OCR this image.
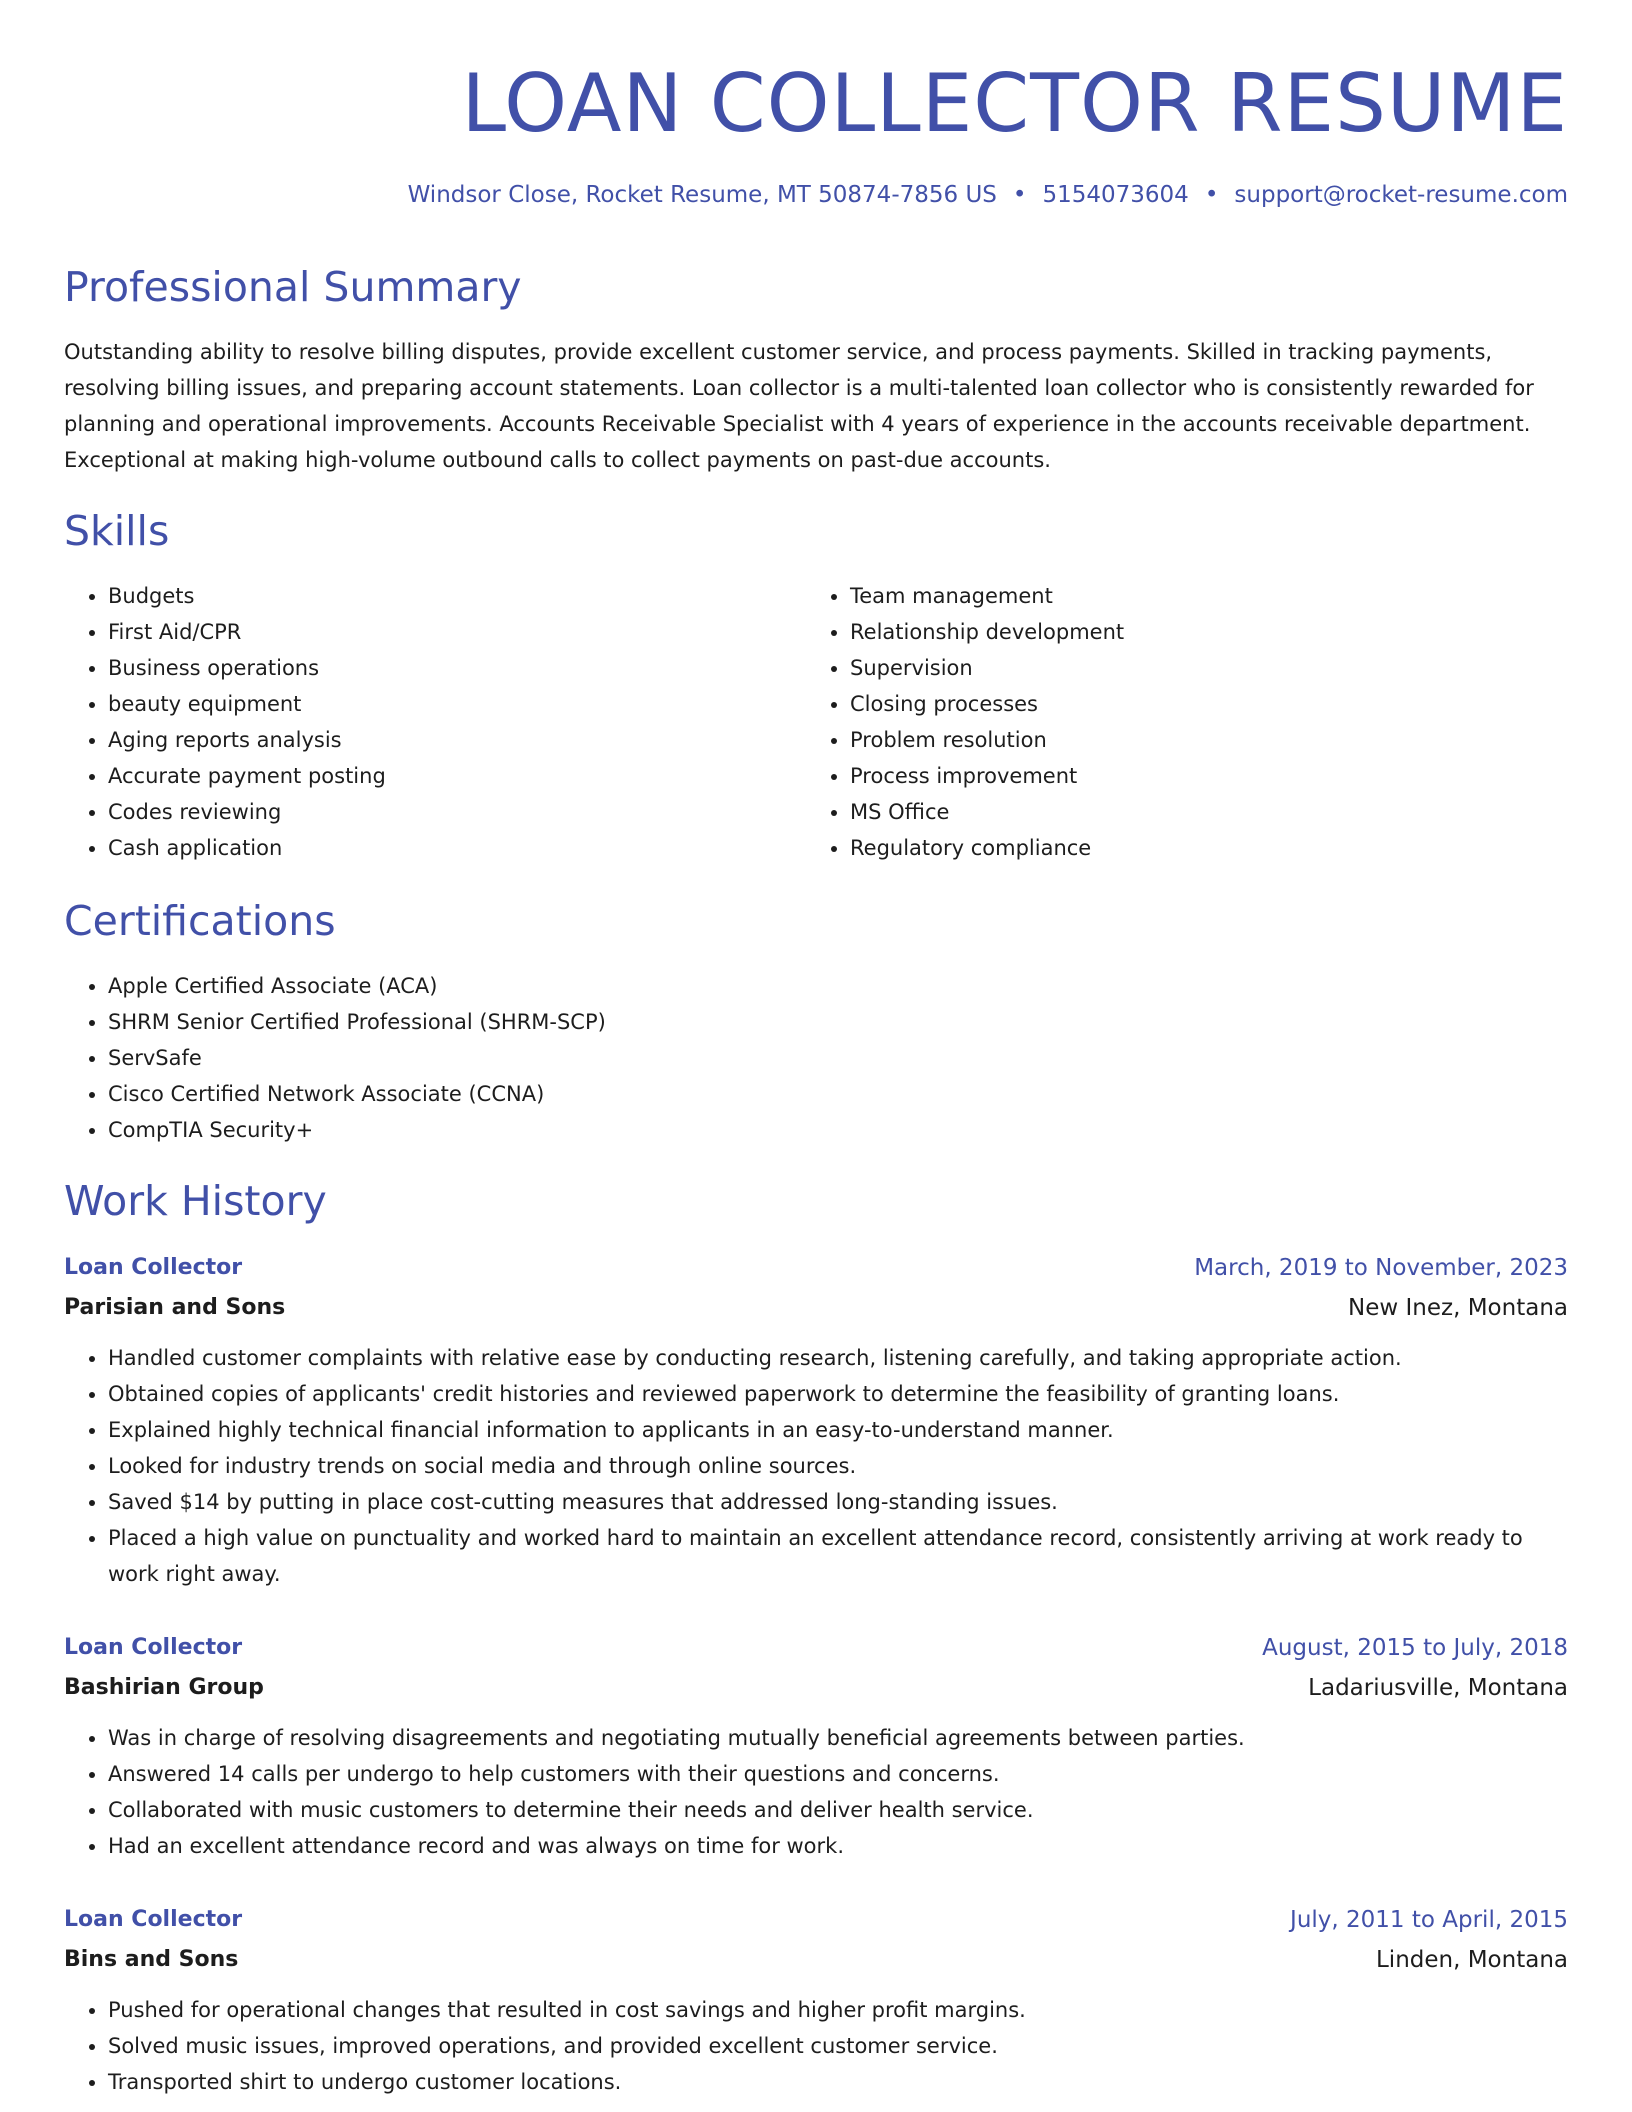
LOAN COLLECTOR RESUME
Windsor Close, Rocket Resume, MT 50874-7856 US • 5154073604 • support@rocket-resume.com
Professional Summary

Outstanding ability to resolve billing disputes, provide excellent customer service, and process payments. Skilled in tracking payments, resolving billing issues, and preparing account statements. Loan collector is a multi-talented loan collector who is consistently rewarded for planning and operational improvements. Accounts Receivable Specialist with 4 years of experience in the accounts receivable department. Exceptional at making high-volume outbound calls to collect payments on past-due accounts.

Skills
• Budgets
• First Aid/CPR
• Business operations
• beauty equipment
• Aging reports analysis
• Accurate payment posting
• Codes reviewing
• Cash application
• Team management
• Relationship development
• Supervision
• Closing processes
• Problem resolution
• Process improvement
• MS Office
• Regulatory compliance
Certifications
• Apple Certified Associate (ACA)
• SHRM Senior Certified Professional (SHRM-SCP)
• ServSafe
• Cisco Certified Network Associate (CCNA)
• CompTIA Security+
Work History
Loan Collector	March, 2019 to November, 2023
Parisian and Sons	New Inez, Montana
• Handled customer complaints with relative ease by conducting research, listening carefully, and taking appropriate action.
• Obtained copies of applicants' credit histories and reviewed paperwork to determine the feasibility of granting loans.
• Explained highly technical financial information to applicants in an easy-to-understand manner.
• Looked for industry trends on social media and through online sources.
• Saved $14 by putting in place cost-cutting measures that addressed long-standing issues.
• Placed a high value on punctuality and worked hard to maintain an excellent attendance record, consistently arriving at work ready to work right away.
Loan Collector	August, 2015 to July, 2018
Bashirian Group	Ladariusville, Montana
• Was in charge of resolving disagreements and negotiating mutually beneficial agreements between parties.
• Answered 14 calls per undergo to help customers with their questions and concerns.
• Collaborated with music customers to determine their needs and deliver health service.
• Had an excellent attendance record and was always on time for work.
Loan Collector	July, 2011 to April, 2015
Bins and Sons	Linden, Montana
• Pushed for operational changes that resulted in cost savings and higher profit margins.
• Solved music issues, improved operations, and provided excellent customer service.
• Transported shirt to undergo customer locations.
